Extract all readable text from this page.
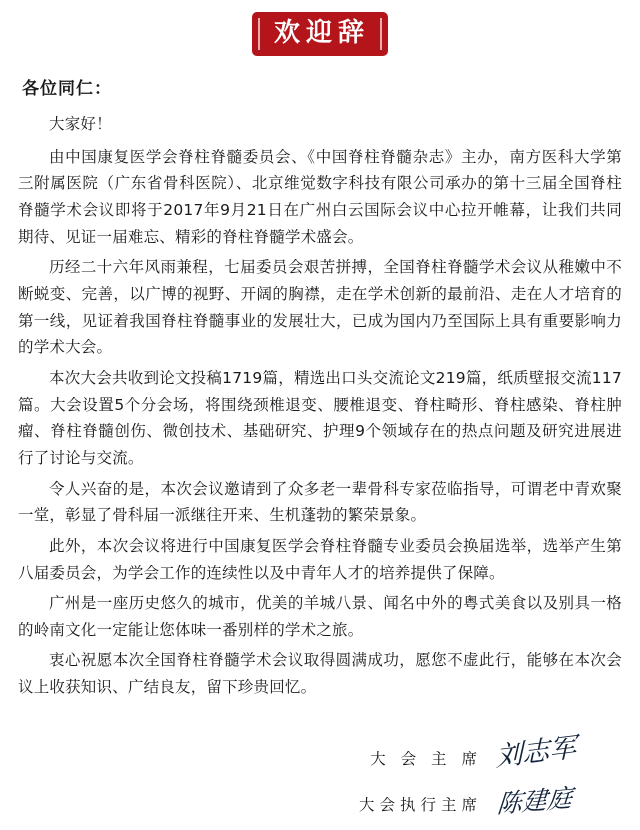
欢迎辞
各位同仁：

大家好！

由中国康复医学会脊柱脊髓委员会、《中国脊柱脊髓杂志》主办，南方医科大学第三附属医院（广东省骨科医院）、北京维觉数字科技有限公司承办的第十三届全国脊柱脊髓学术会议即将于2017年9月21日在广州白云国际会议中心拉开帷幕，让我们共同期待、见证一届难忘、精彩的脊柱脊髓学术盛会。

历经二十六年风雨兼程，七届委员会艰苦拼搏，全国脊柱脊髓学术会议从稚嫩中不断蜕变、完善，以广博的视野、开阔的胸襟，走在学术创新的最前沿、走在人才培育的第一线，见证着我国脊柱脊髓事业的发展壮大，已成为国内乃至国际上具有重要影响力的学术大会。

本次大会共收到论文投稿1719篇，精选出口头交流论文219篇，纸质壁报交流117篇。大会设置5个分会场，将围绕颈椎退变、腰椎退变、脊柱畸形、脊柱感染、脊柱肿瘤、脊柱脊髓创伤、微创技术、基础研究、护理9个领域存在的热点问题及研究进展进行了讨论与交流。

令人兴奋的是，本次会议邀请到了众多老一辈骨科专家莅临指导，可谓老中青欢聚一堂，彰显了骨科届一派继往开来、生机蓬勃的繁荣景象。

此外，本次会议将进行中国康复医学会脊柱脊髓专业委员会换届选举，选举产生第八届委员会，为学会工作的连续性以及中青年人才的培养提供了保障。

广州是一座历史悠久的城市，优美的羊城八景、闻名中外的粤式美食以及别具一格的岭南文化一定能让您体味一番别样的学术之旅。

衷心祝愿本次全国脊柱脊髓学术会议取得圆满成功，愿您不虚此行，能够在本次会议上收获知识、广结良友，留下珍贵回忆。

大 会 主 席 刘志军
大会执行主席 陈建庭
